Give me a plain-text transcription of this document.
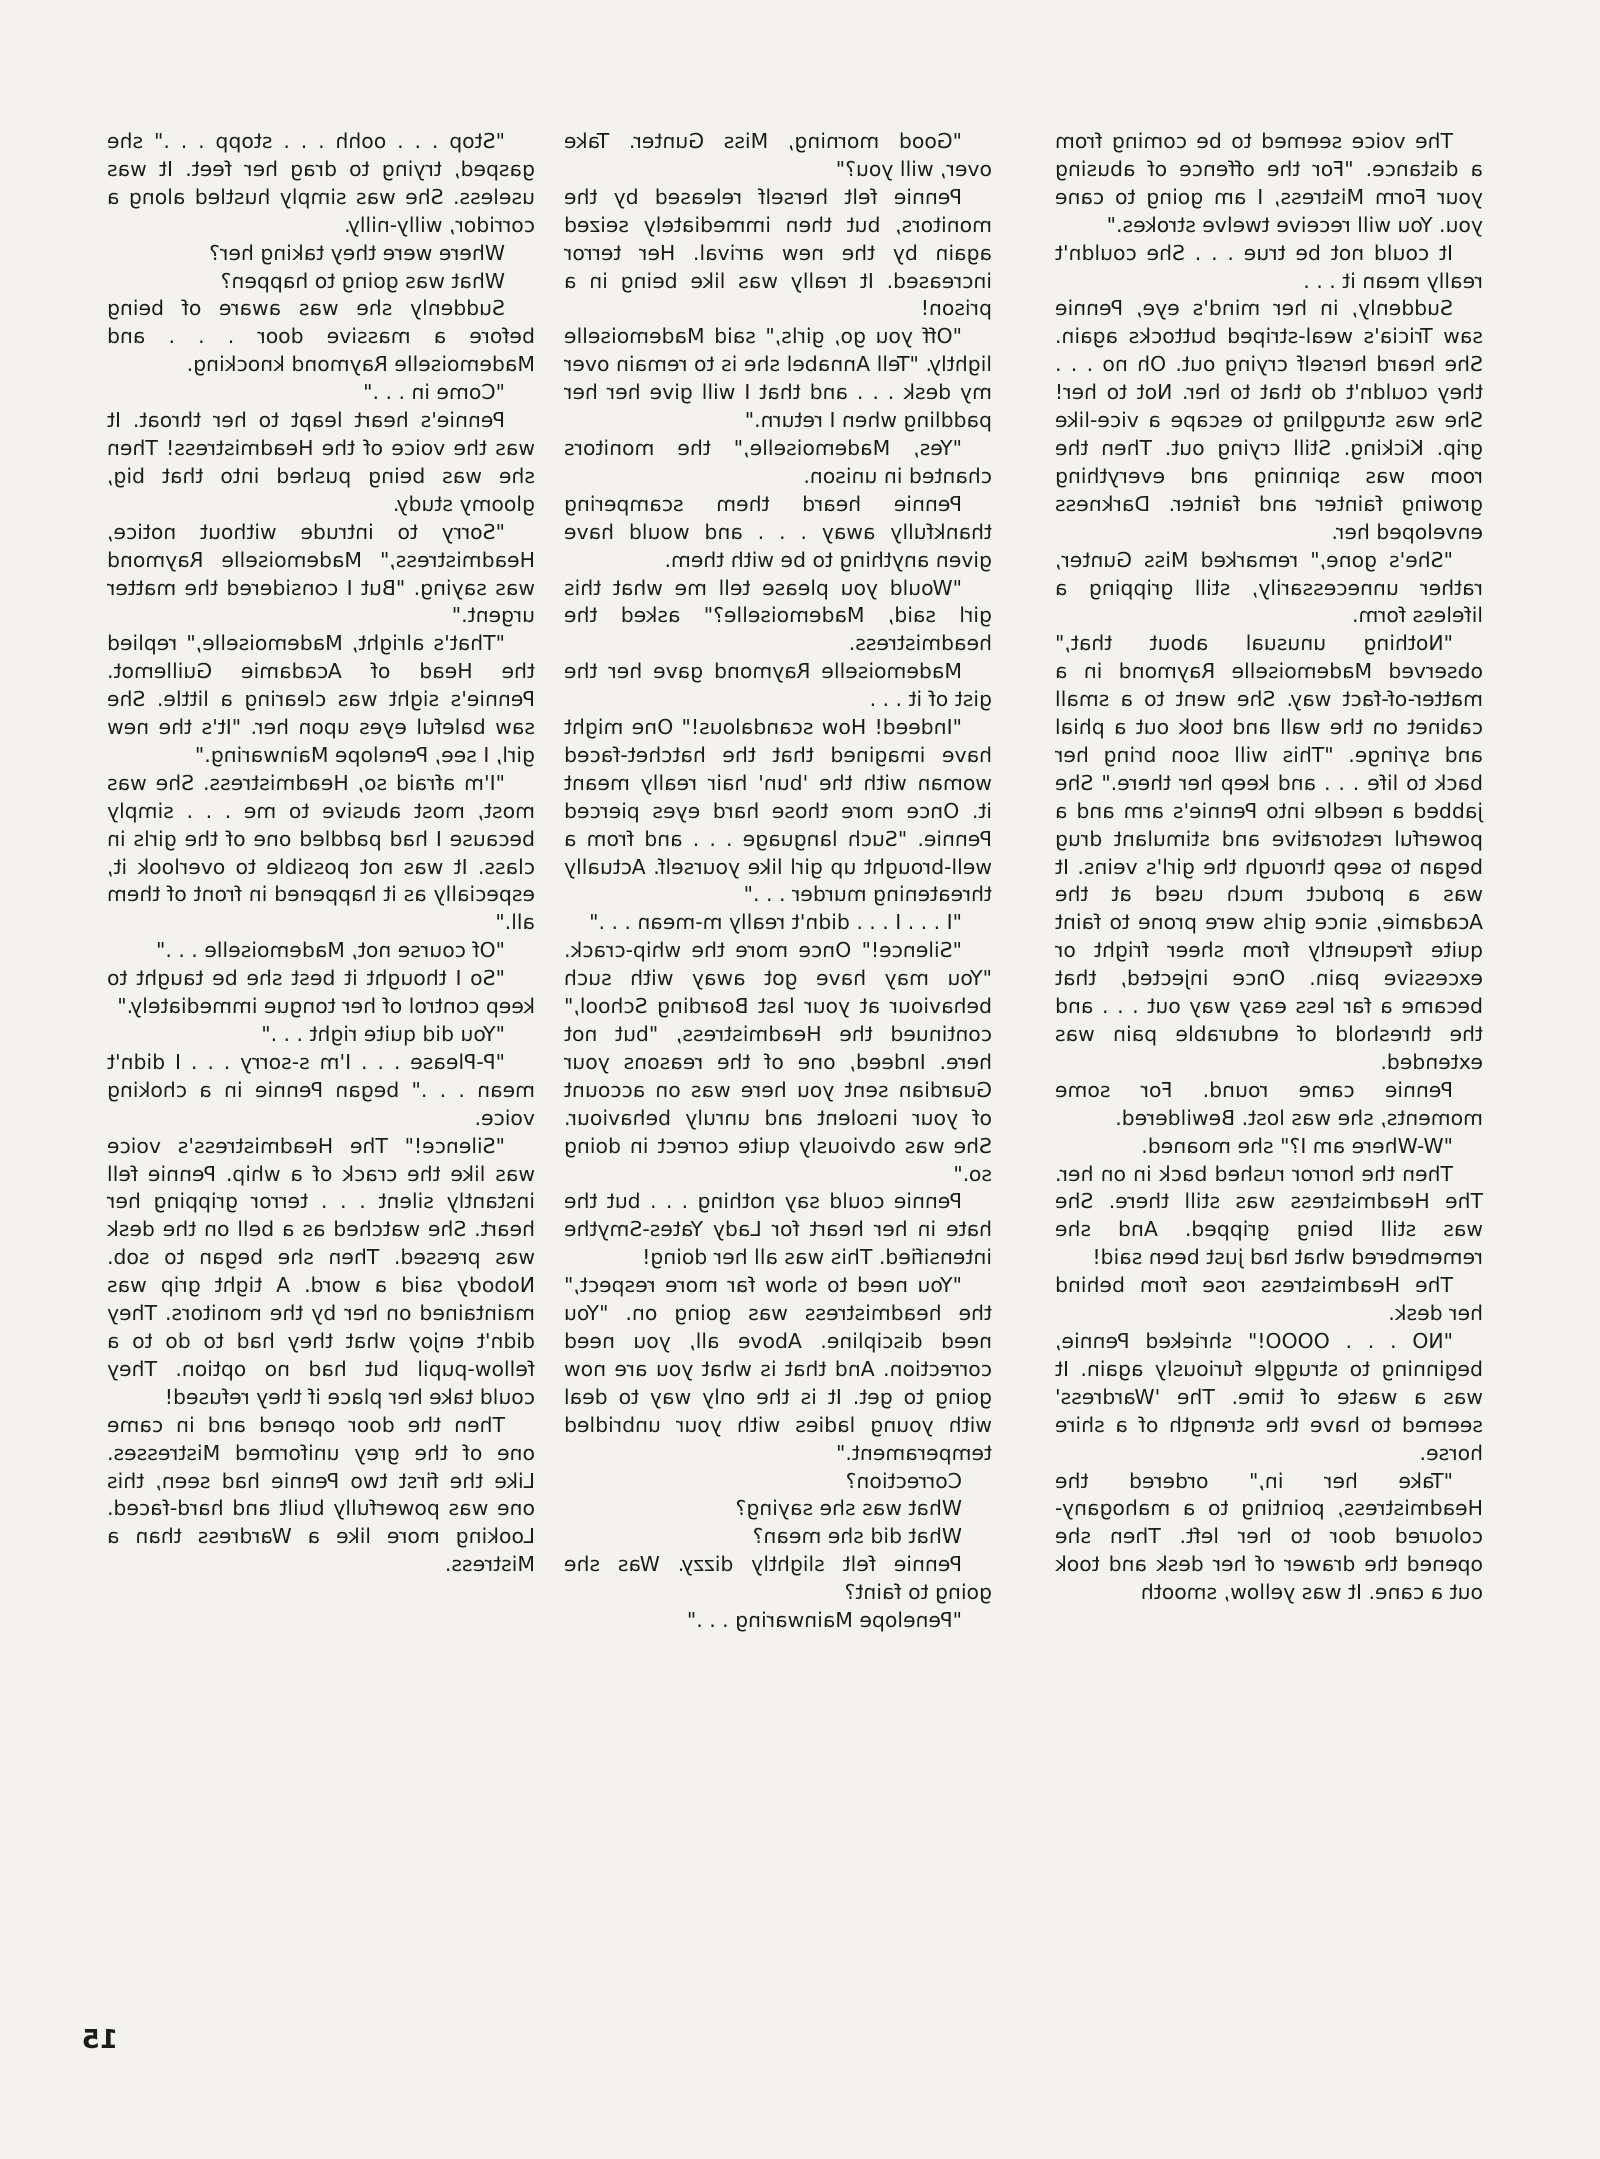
"Stop . . . oohh . . . stopp . . ." she gasped, trying to drag her feet. It was useless. She was simply hustled along a corridor, willy-nilly.

Where were they taking her?

What was going to happen?

Suddenly she was aware of being before a massive door . . . and Mademoiselle Raymond knocking.

"Come in . . ."

Pennie's heart leapt to her throat. It was the voice of the Headmistress! Then she was being pushed into that big, gloomy study.

"Sorry to intrude without notice, Headmistress," Mademoiselle Raymond was saying. "But I considered the matter urgent."

"That's alright, Mademoiselle," replied the Head of Acadamie Guillemot. Pennie's sight was clearing a little. She saw baleful eyes upon her. "It's the new girl, I see, Penelope Mainwaring."

"I'm afraid so, Headmistress. She was most, most abusive to me . . . simply because I had paddled one of the girls in class. It was not possible to overlook it, especially as it happened in front of them all."

"Of course not, Mademoiselle . . ."

"So I thought it best she be taught to keep control of her tongue immediately."

"You did quite right . . ."

"P-Please . . . I'm s-sorry . . . I didn't mean . . ." began Pennie in a choking voice.

"Silence!" The Headmistress's voice was like the crack of a whip. Pennie fell instantly silent . . . terror gripping her heart. She watched as a bell on the desk was pressed. Then she began to sob. Nobody said a word. A tight grip was maintained on her by the monitors. They didn't enjoy what they had to do to a fellow-pupil but had no option. They could take her place if they refused!

Then the door opened and in came one of the grey uniformed Mistresses. Like the first two Pennie had seen, this one was powerfully built and hard-faced. Looking more like a Wardress than a Mistress.

"Good morning, Miss Gunter. Take over, will you?"

Pennie felt herself released by the monitors, but then immediately seized again by the new arrival. Her terror increased. It really was like being in a prison!

"Off you go, girls," said Mademoiselle lightly. "Tell Annabel she is to remain over my desk . . . and that I will give her her paddling when I return."

"Yes, Mademoiselle," the monitors chanted in unison.

Pennie heard them scampering thankfully away . . . and would have given anything to be with them.

"Would you please tell me what this girl said, Mademoiselle?" asked the headmistress.

Mademoiselle Raymond gave her the gist of it . . .

"Indeed! How scandalous!" One might have imagined that the hatchet-faced woman with the 'bun' hair really meant it. Once more those hard eyes pierced Pennie. "Such language . . . and from a well-brought up girl like yourself. Actually threatening murder . . ."

"I . . . I . . . didn't really m-mean . . ."

"Silence!" Once more the whip-crack. "You may have got away with such behaviour at your last Boarding School," continued the Headmistress, "but not here. Indeed, one of the reasons your Guardian sent you here was on account of your insolent and unruly behaviour. She was obviously quite correct in doing so."

Pennie could say nothing . . . but the hate in her heart for Lady Yates-Smythe intensified. This was all her doing!

"You need to show far more respect," the headmistress was going on. "You need discipline. Above all, you need correction. And that is what you are now going to get. It is the only way to deal with young ladies with your unbridled temperament."

Correction?

What was she saying?

What did she mean?

Pennie felt slightly dizzy. Was she going to faint?

"Penelope Mainwaring . . ."

The voice seemed to be coming from a distance. "For the offence of abusing your Form Mistress, I am going to cane you. You will receive twelve strokes."

It could not be true . . . She couldn't really mean it . . .

Suddenly, in her mind's eye, Pennie saw Tricia's weal-striped buttocks again. She heard herself crying out. Oh no . . . they couldn't do that to her. Not to her! She was struggling to escape a vice-like grip. Kicking. Still crying out. Then the room was spinning and everything growing fainter and fainter. Darkness enveloped her.

"She's gone," remarked Miss Gunter, rather unnecessarily, still gripping a lifeless form.

"Nothing unusual about that," observed Mademoiselle Raymond in a matter-of-fact way. She went to a small cabinet on the wall and took out a phial and syringe. "This will soon bring her back to life . . . and keep her there." She jabbed a needle into Pennie's arm and a powerful restorative and stimulant drug began to seep through the girl's veins. It was a product much used at the Acadamie, since girls were prone to faint quite frequently from sheer fright or excessive pain. Once injected, that became a far less easy way out . . . and the threshold of endurable pain was extended.

Pennie came round. For some moments, she was lost. Bewildered.

"W-Where am I?" she moaned.

Then the horror rushed back in on her. The Headmistress was still there. She was still being gripped. And she remembered what had just been said!

The Headmistress rose from behind her desk.

"NO . . . OOOO!" shrieked Pennie, beginning to struggle furiously again. It was a waste of time. The 'Wardress' seemed to have the strength of a shire horse.

"Take her in," ordered the Headmistress, pointing to a mahogany-coloured door to her left. Then she opened the drawer of her desk and took out a cane. It was yellow, smooth

15
